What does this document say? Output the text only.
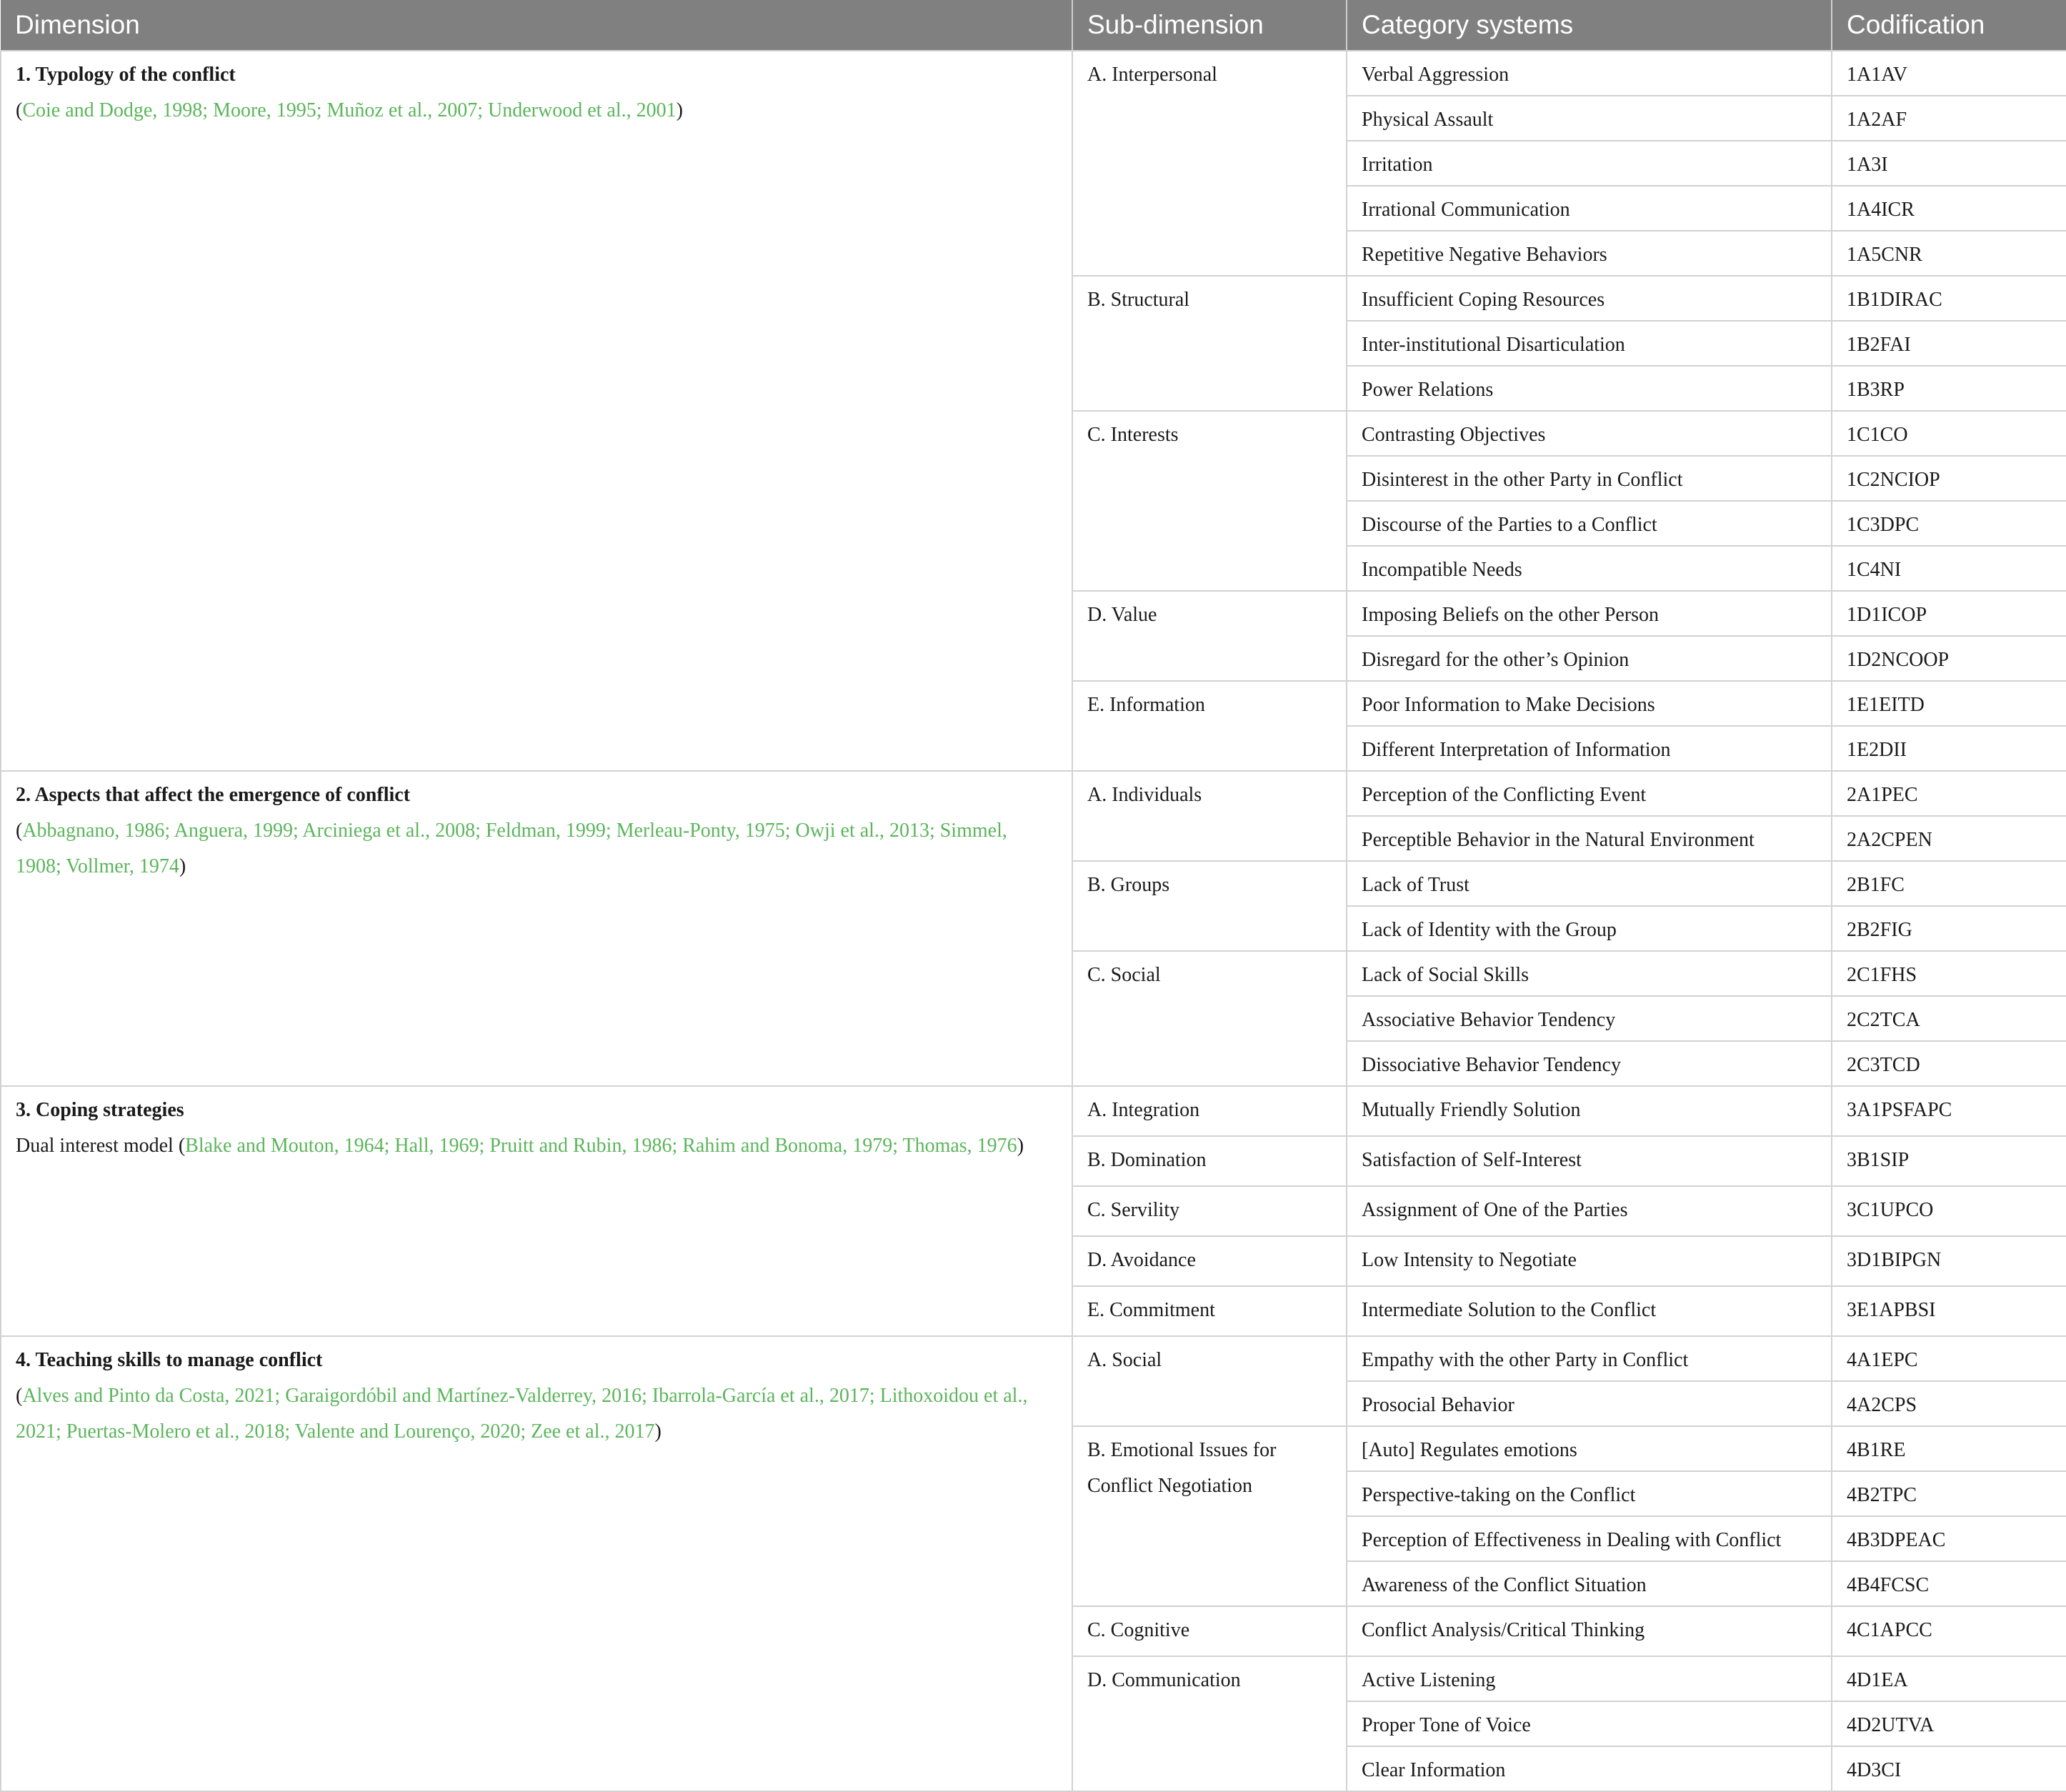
Dimension	Sub-dimension	Category systems	Codification

1. Typology of the conflict
(Coie and Dodge, 1998; Moore, 1995; Muñoz et al., 2007; Underwood et al., 2001)	A. Interpersonal	Verbal Aggression	1A1AV
		Physical Assault	1A2AF
		Irritation	1A3I
		Irrational Communication	1A4ICR
		Repetitive Negative Behaviors	1A5CNR
	B. Structural	Insufficient Coping Resources	1B1DIRAC
		Inter-institutional Disarticulation	1B2FAI
		Power Relations	1B3RP
	C. Interests	Contrasting Objectives	1C1CO
		Disinterest in the other Party in Conflict	1C2NCIOP
		Discourse of the Parties to a Conflict	1C3DPC
		Incompatible Needs	1C4NI
	D. Value	Imposing Beliefs on the other Person	1D1ICOP
		Disregard for the other’s Opinion	1D2NCOOP
	E. Information	Poor Information to Make Decisions	1E1EITD
		Different Interpretation of Information	1E2DII

2. Aspects that affect the emergence of conflict
(Abbagnano, 1986; Anguera, 1999; Arciniega et al., 2008; Feldman, 1999; Merleau-Ponty, 1975; Owji et al., 2013; Simmel, 1908; Vollmer, 1974)	A. Individuals	Perception of the Conflicting Event	2A1PEC
		Perceptible Behavior in the Natural Environment	2A2CPEN
	B. Groups	Lack of Trust	2B1FC
		Lack of Identity with the Group	2B2FIG
	C. Social	Lack of Social Skills	2C1FHS
		Associative Behavior Tendency	2C2TCA
		Dissociative Behavior Tendency	2C3TCD

3. Coping strategies
Dual interest model (Blake and Mouton, 1964; Hall, 1969; Pruitt and Rubin, 1986; Rahim and Bonoma, 1979; Thomas, 1976)	A. Integration	Mutually Friendly Solution	3A1PSFAPC
	B. Domination	Satisfaction of Self-Interest	3B1SIP
	C. Servility	Assignment of One of the Parties	3C1UPCO
	D. Avoidance	Low Intensity to Negotiate	3D1BIPGN
	E. Commitment	Intermediate Solution to the Conflict	3E1APBSI

4. Teaching skills to manage conflict
(Alves and Pinto da Costa, 2021; Garaigordóbil and Martínez-Valderrey, 2016; Ibarrola-García et al., 2017; Lithoxoidou et al., 2021; Puertas-Molero et al., 2018; Valente and Lourenço, 2020; Zee et al., 2017)	A. Social	Empathy with the other Party in Conflict	4A1EPC
		Prosocial Behavior	4A2CPS
	B. Emotional Issues for Conflict Negotiation	[Auto] Regulates emotions	4B1RE
		Perspective-taking on the Conflict	4B2TPC
		Perception of Effectiveness in Dealing with Conflict	4B3DPEAC
		Awareness of the Conflict Situation	4B4FCSC
	C. Cognitive	Conflict Analysis/Critical Thinking	4C1APCC
	D. Communication	Active Listening	4D1EA
		Proper Tone of Voice	4D2UTVA
		Clear Information	4D3CI
